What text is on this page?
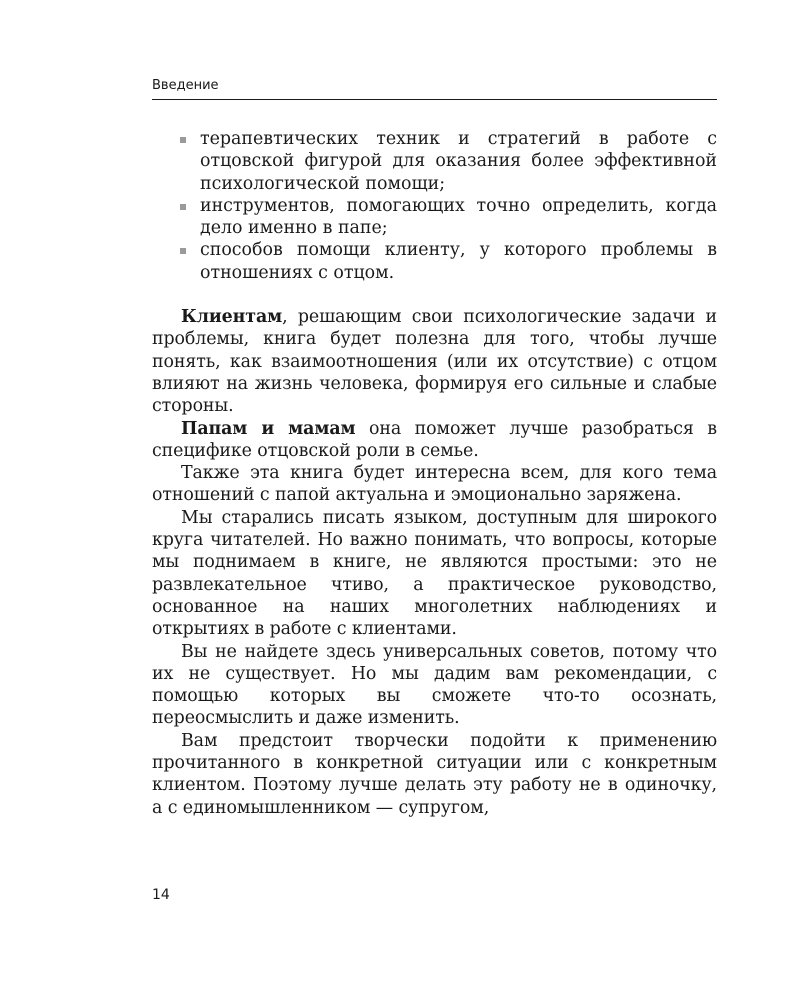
Введение
терапевтических техник и стратегий в работе с отцовской фигурой для оказания более эффективной психологической помощи;
инструментов, помогающих точно определить, когда дело именно в папе;
способов помощи клиенту, у которого проблемы в отношениях с отцом.

Клиентам, решающим свои психологические задачи и проблемы, книга будет полезна для того, чтобы лучше понять, как взаимоотношения (или их отсутствие) с отцом влияют на жизнь человека, формируя его сильные и слабые стороны.

Папам и мамам она поможет лучше разобраться в специфике отцовской роли в семье.

Также эта книга будет интересна всем, для кого тема отношений с папой актуальна и эмоционально заряжена.

Мы старались писать языком, доступным для широкого круга читателей. Но важно понимать, что вопросы, которые мы поднимаем в книге, не являются простыми: это не развлекательное чтиво, а практическое руководство, основанное на наших многолетних наблюдениях и открытиях в работе с клиентами.

Вы не найдете здесь универсальных советов, потому что их не существует. Но мы дадим вам рекомендации, с помощью которых вы сможете что-то осознать, переосмыслить и даже изменить.

Вам предстоит творчески подойти к применению прочитанного в конкретной ситуации или с конкретным клиентом. Поэтому лучше делать эту работу не в одиночку, а с единомышленником — супругом,

14
